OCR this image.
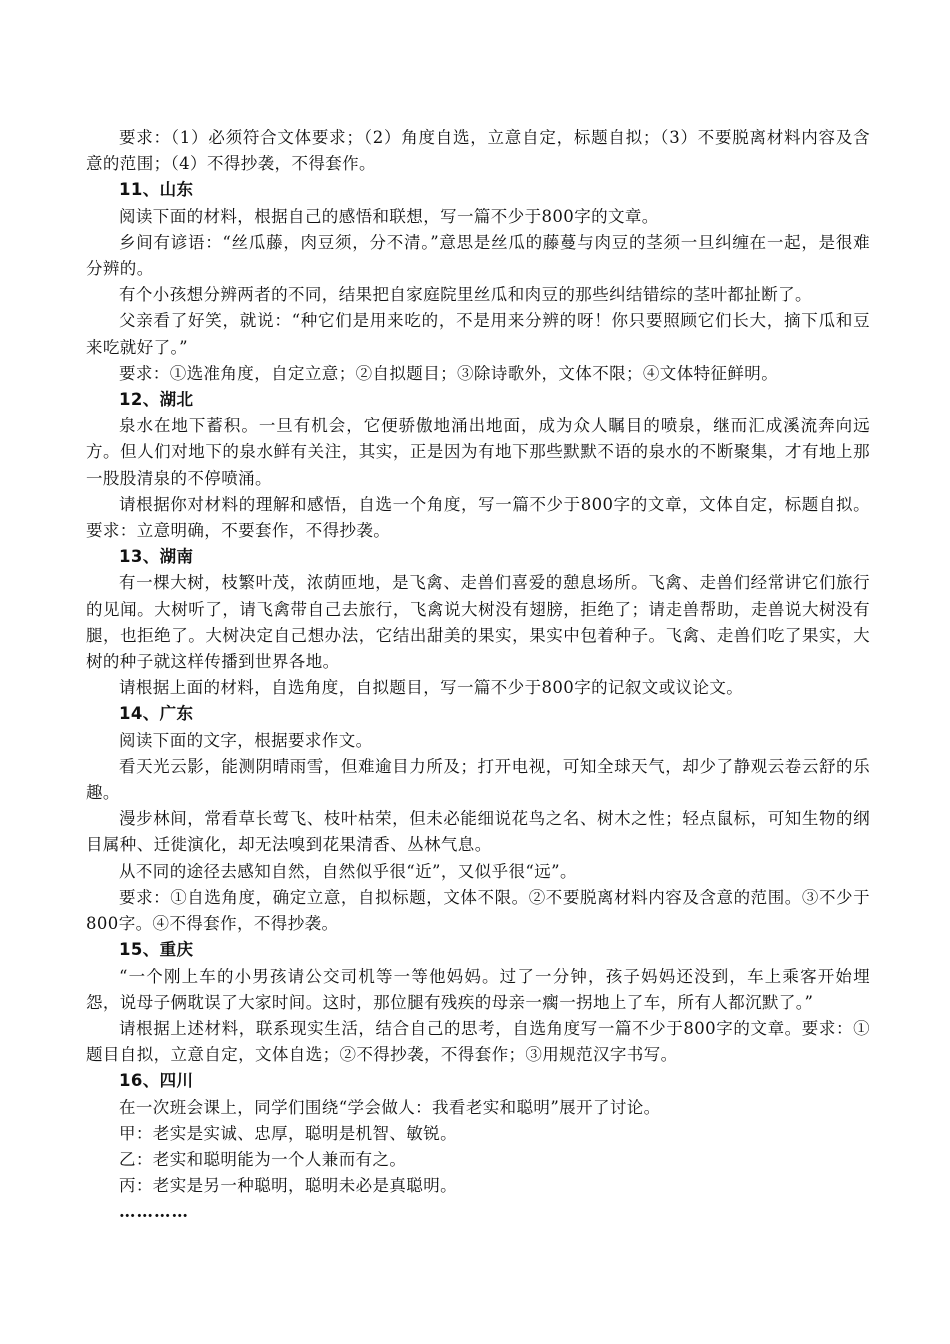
要求：（1）必须符合文体要求；（2）角度自选，立意自定，标题自拟；（3）不要脱离材料内容及含意的范围；（4）不得抄袭，不得套作。

11、山东

阅读下面的材料，根据自己的感悟和联想，写一篇不少于800字的文章。

乡间有谚语：“丝瓜藤，肉豆须，分不清。”意思是丝瓜的藤蔓与肉豆的茎须一旦纠缠在一起，是很难分辨的。

有个小孩想分辨两者的不同，结果把自家庭院里丝瓜和肉豆的那些纠结错综的茎叶都扯断了。

父亲看了好笑，就说：“种它们是用来吃的，不是用来分辨的呀！你只要照顾它们长大，摘下瓜和豆来吃就好了。”

要求：①选准角度，自定立意；②自拟题目；③除诗歌外，文体不限；④文体特征鲜明。

12、湖北

泉水在地下蓄积。一旦有机会，它便骄傲地涌出地面，成为众人瞩目的喷泉，继而汇成溪流奔向远方。但人们对地下的泉水鲜有关注，其实，正是因为有地下那些默默不语的泉水的不断聚集，才有地上那一股股清泉的不停喷涌。

请根据你对材料的理解和感悟，自选一个角度，写一篇不少于800字的文章，文体自定，标题自拟。要求：立意明确，不要套作，不得抄袭。

13、湖南

有一棵大树，枝繁叶茂，浓荫匝地，是飞禽、走兽们喜爱的憩息场所。飞禽、走兽们经常讲它们旅行的见闻。大树听了，请飞禽带自己去旅行，飞禽说大树没有翅膀，拒绝了；请走兽帮助，走兽说大树没有腿，也拒绝了。大树决定自己想办法，它结出甜美的果实，果实中包着种子。飞禽、走兽们吃了果实，大树的种子就这样传播到世界各地。

请根据上面的材料，自选角度，自拟题目，写一篇不少于800字的记叙文或议论文。

14、广东

阅读下面的文字，根据要求作文。

看天光云影，能测阴晴雨雪，但难逾目力所及；打开电视，可知全球天气，却少了静观云卷云舒的乐趣。

漫步林间，常看草长莺飞、枝叶枯荣，但未必能细说花鸟之名、树木之性；轻点鼠标，可知生物的纲目属种、迁徙演化，却无法嗅到花果清香、丛林气息。

从不同的途径去感知自然，自然似乎很“近”，又似乎很“远”。

要求：①自选角度，确定立意，自拟标题，文体不限。②不要脱离材料内容及含意的范围。③不少于800字。④不得套作，不得抄袭。

15、重庆

“一个刚上车的小男孩请公交司机等一等他妈妈。过了一分钟，孩子妈妈还没到，车上乘客开始埋怨，说母子俩耽误了大家时间。这时，那位腿有残疾的母亲一瘸一拐地上了车，所有人都沉默了。”

请根据上述材料，联系现实生活，结合自己的思考，自选角度写一篇不少于800字的文章。要求：①题目自拟，立意自定，文体自选；②不得抄袭，不得套作；③用规范汉字书写。

16、四川

在一次班会课上，同学们围绕“学会做人：我看老实和聪明”展开了讨论。

甲：老实是实诚、忠厚，聪明是机智、敏锐。

乙：老实和聪明能为一个人兼而有之。

丙：老实是另一种聪明，聪明未必是真聪明。

…………
